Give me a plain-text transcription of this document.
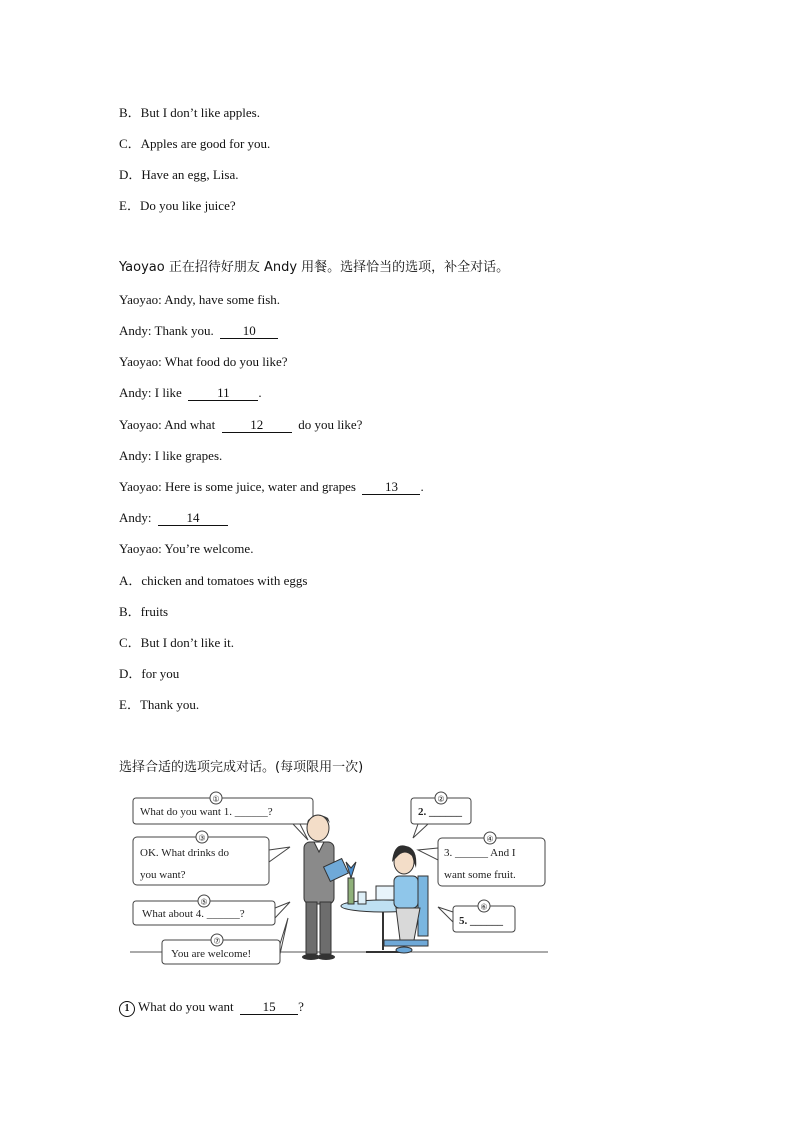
B．But I don’t like apples.
C．Apples are good for you.
D．Have an egg, Lisa.
E．Do you like juice?
Yaoyao 正在招待好朋友 Andy 用餐。选择恰当的选项，补全对话。
Yaoyao: Andy, have some fish.
Andy: Thank you. 10
Yaoyao: What food do you like?
Andy: I like	11 .
Yaoyao: And what	12	do you like?
Andy: I like grapes.
Yaoyao: Here is some juice, water and grapes 13 .
Andy:	14
Yaoyao: You’re welcome.
A．chicken and tomatoes with eggs
B．fruits
C．But I don’t like it.
D．for you
E．Thank you.
选择合适的选项完成对话。(每项限用一次)
①
What do you want 1. ______?
②
2. ______
③
OK. What drinks do
you want?
④
3. ______ And I
want some fruit.
⑤
What about 4. ______?
⑥
5. ______
⑦
You are welcome!
1 What do you want 15 ?
